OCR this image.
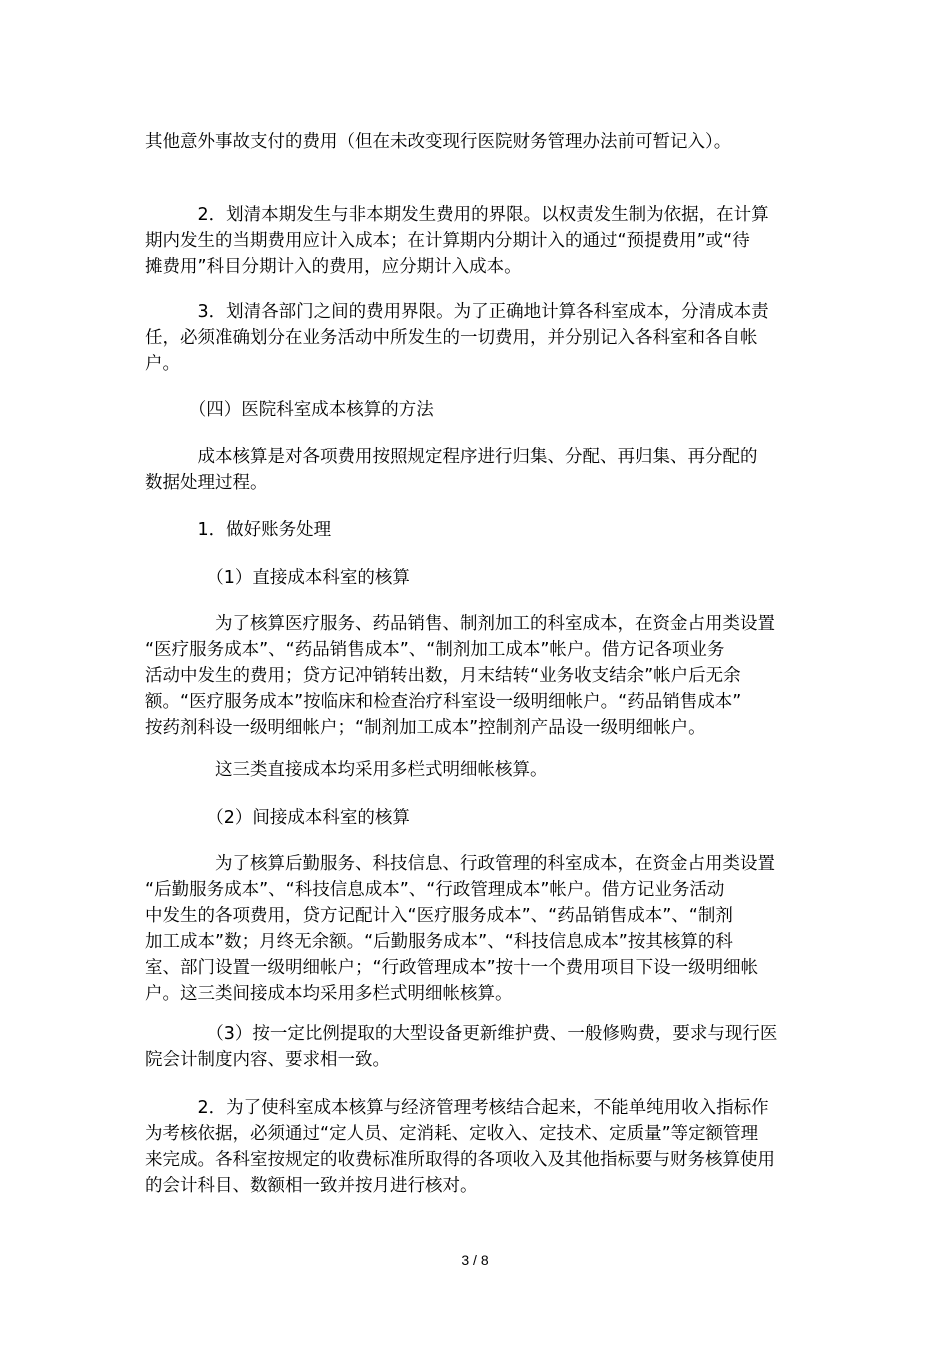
其他意外事故支付的费用（但在未改变现行医院财务管理办法前可暂记入）。
　　　2．划清本期发生与非本期发生费用的界限。以权责发生制为依据，在计算
期内发生的当期费用应计入成本；在计算期内分期计入的通过“预提费用”或“待
摊费用”科目分期计入的费用，应分期计入成本。
　　　3．划清各部门之间的费用界限。为了正确地计算各科室成本，分清成本责
任，必须准确划分在业务活动中所发生的一切费用，并分别记入各科室和各自帐
户。
　　　（四）医院科室成本核算的方法
　　　成本核算是对各项费用按照规定程序进行归集、分配、再归集、再分配的
数据处理过程。
　　　1．做好账务处理
　　　　（1）直接成本科室的核算
　　　　为了核算医疗服务、药品销售、制剂加工的科室成本，在资金占用类设置
“医疗服务成本”、“药品销售成本”、“制剂加工成本”帐户。借方记各项业务
活动中发生的费用；贷方记冲销转出数，月末结转“业务收支结余”帐户后无余
额。“医疗服务成本”按临床和检查治疗科室设一级明细帐户。“药品销售成本”
按药剂科设一级明细帐户；“制剂加工成本”控制剂产品设一级明细帐户。
　　　　这三类直接成本均采用多栏式明细帐核算。
　　　　（2）间接成本科室的核算
　　　　为了核算后勤服务、科技信息、行政管理的科室成本，在资金占用类设置
“后勤服务成本”、“科技信息成本”、“行政管理成本”帐户。借方记业务活动
中发生的各项费用，贷方记配计入“医疗服务成本”、“药品销售成本”、“制剂
加工成本”数；月终无余额。“后勤服务成本”、“科技信息成本”按其核算的科
室、部门设置一级明细帐户；“行政管理成本”按十一个费用项目下设一级明细帐
户。这三类间接成本均采用多栏式明细帐核算。
　　　　（3）按一定比例提取的大型设备更新维护费、一般修购费，要求与现行医
院会计制度内容、要求相一致。
　　　2．为了使科室成本核算与经济管理考核结合起来，不能单纯用收入指标作
为考核依据，必须通过“定人员、定消耗、定收入、定技术、定质量”等定额管理
来完成。各科室按规定的收费标准所取得的各项收入及其他指标要与财务核算使用
的会计科目、数额相一致并按月进行核对。
3 / 8
